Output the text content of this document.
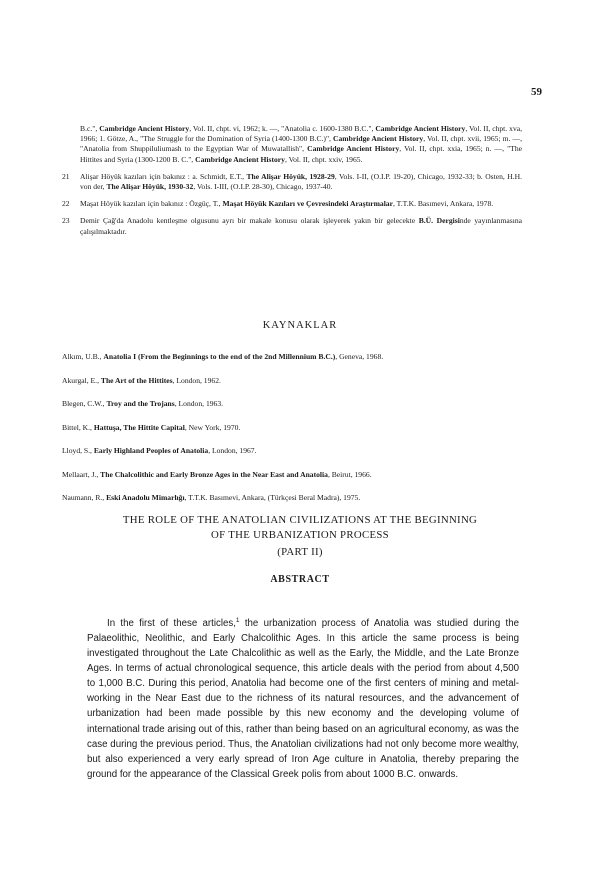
59

B.c.", Cambridge Ancient History, Vol. II, chpt. vi, 1962; k. —, "Anatolia c. 1600-1380 B.C.", Cambridge Ancient History, Vol. II, chpt. xva, 1966; 1. Götze, A., "The Struggle for the Domination of Syria (1400-1300 B.C.)", Cambridge Ancient History, Vol. II, chpt. xvii, 1965; m. —, "Anatolia from Shuppiluliumash to the Egyptian War of Muwatallish", Cambridge Ancient History, Vol. II, chpt. xxia, 1965; n. —, "The Hittites and Syria (1300-1200 B. C.", Cambridge Ancient History, Vol. II, chpt. xxiv, 1965.

21 Alişar Höyük kazıları için bakınız : a. Schmidt, E.T., The Alişar Höyük, 1928-29, Vols. I-II, (O.I.P. 19-20), Chicago, 1932-33; b. Osten, H.H. von der, The Alişar Höyük, 1930-32, Vols. I-III, (O.I.P. 28-30), Chicago, 1937-40.

22 Maşat Höyük kazıları için bakınız : Özgüç, T., Maşat Höyük Kazıları ve Çevresindeki Araştırmalar, T.T.K. Basımevi, Ankara, 1978.

23 Demir Çağ'da Anadolu kentleşme olgusunu ayrı bir makale konusu olarak işleyerek yakın bir gelecekte B.Ü. Dergisinde yayınlanmasına çalışılmaktadır.

KAYNAKLAR

Alkım, U.B., Anatolia I (From the Beginnings to the end of the 2nd Millennium B.C.), Geneva, 1968.

Akurgal, E., The Art of the Hittites, London, 1962.

Blegen, C.W., Troy and the Trojans, London, 1963.

Bittel, K., Hattuşa, The Hittite Capital, New York, 1970.

Lloyd, S., Early Highland Peoples of Anatolia, London, 1967.

Mellaart, J., The Chalcolithic and Early Bronze Ages in the Near East and Anatolia, Beirut, 1966.

Naumann, R., Eski Anadolu Mimarlığı, T.T.K. Basımevi, Ankara, (Türkçesi Beral Madra), 1975.

THE ROLE OF THE ANATOLIAN CIVILIZATIONS AT THE BEGINNING

OF THE URBANIZATION PROCESS

(PART II)

ABSTRACT

In the first of these articles,$^1$ the urbanization process of Anatolia was studied during the Palaeolithic, Neolithic, and Early Chalcolithic Ages. In this article the same process is being investigated throughout the Late Chalcolithic as well as the Early, the Middle, and the Late Bronze Ages. In terms of actual chronological sequence, this article deals with the period from about 4,500 to 1,000 B.C. During this period, Anatolia had become one of the first centers of mining and metal-working in the Near East due to the richness of its natural resources, and the advancement of urbanization had been made possible by this new economy and the developing volume of international trade arising out of this, rather than being based on an agricultural economy, as was the case during the previous period. Thus, the Anatolian civilizations had not only become more wealthy, but also experienced a very early spread of Iron Age culture in Anatolia, thereby preparing the ground for the appearance of the Classical Greek polis from about 1000 B.C. onwards.
